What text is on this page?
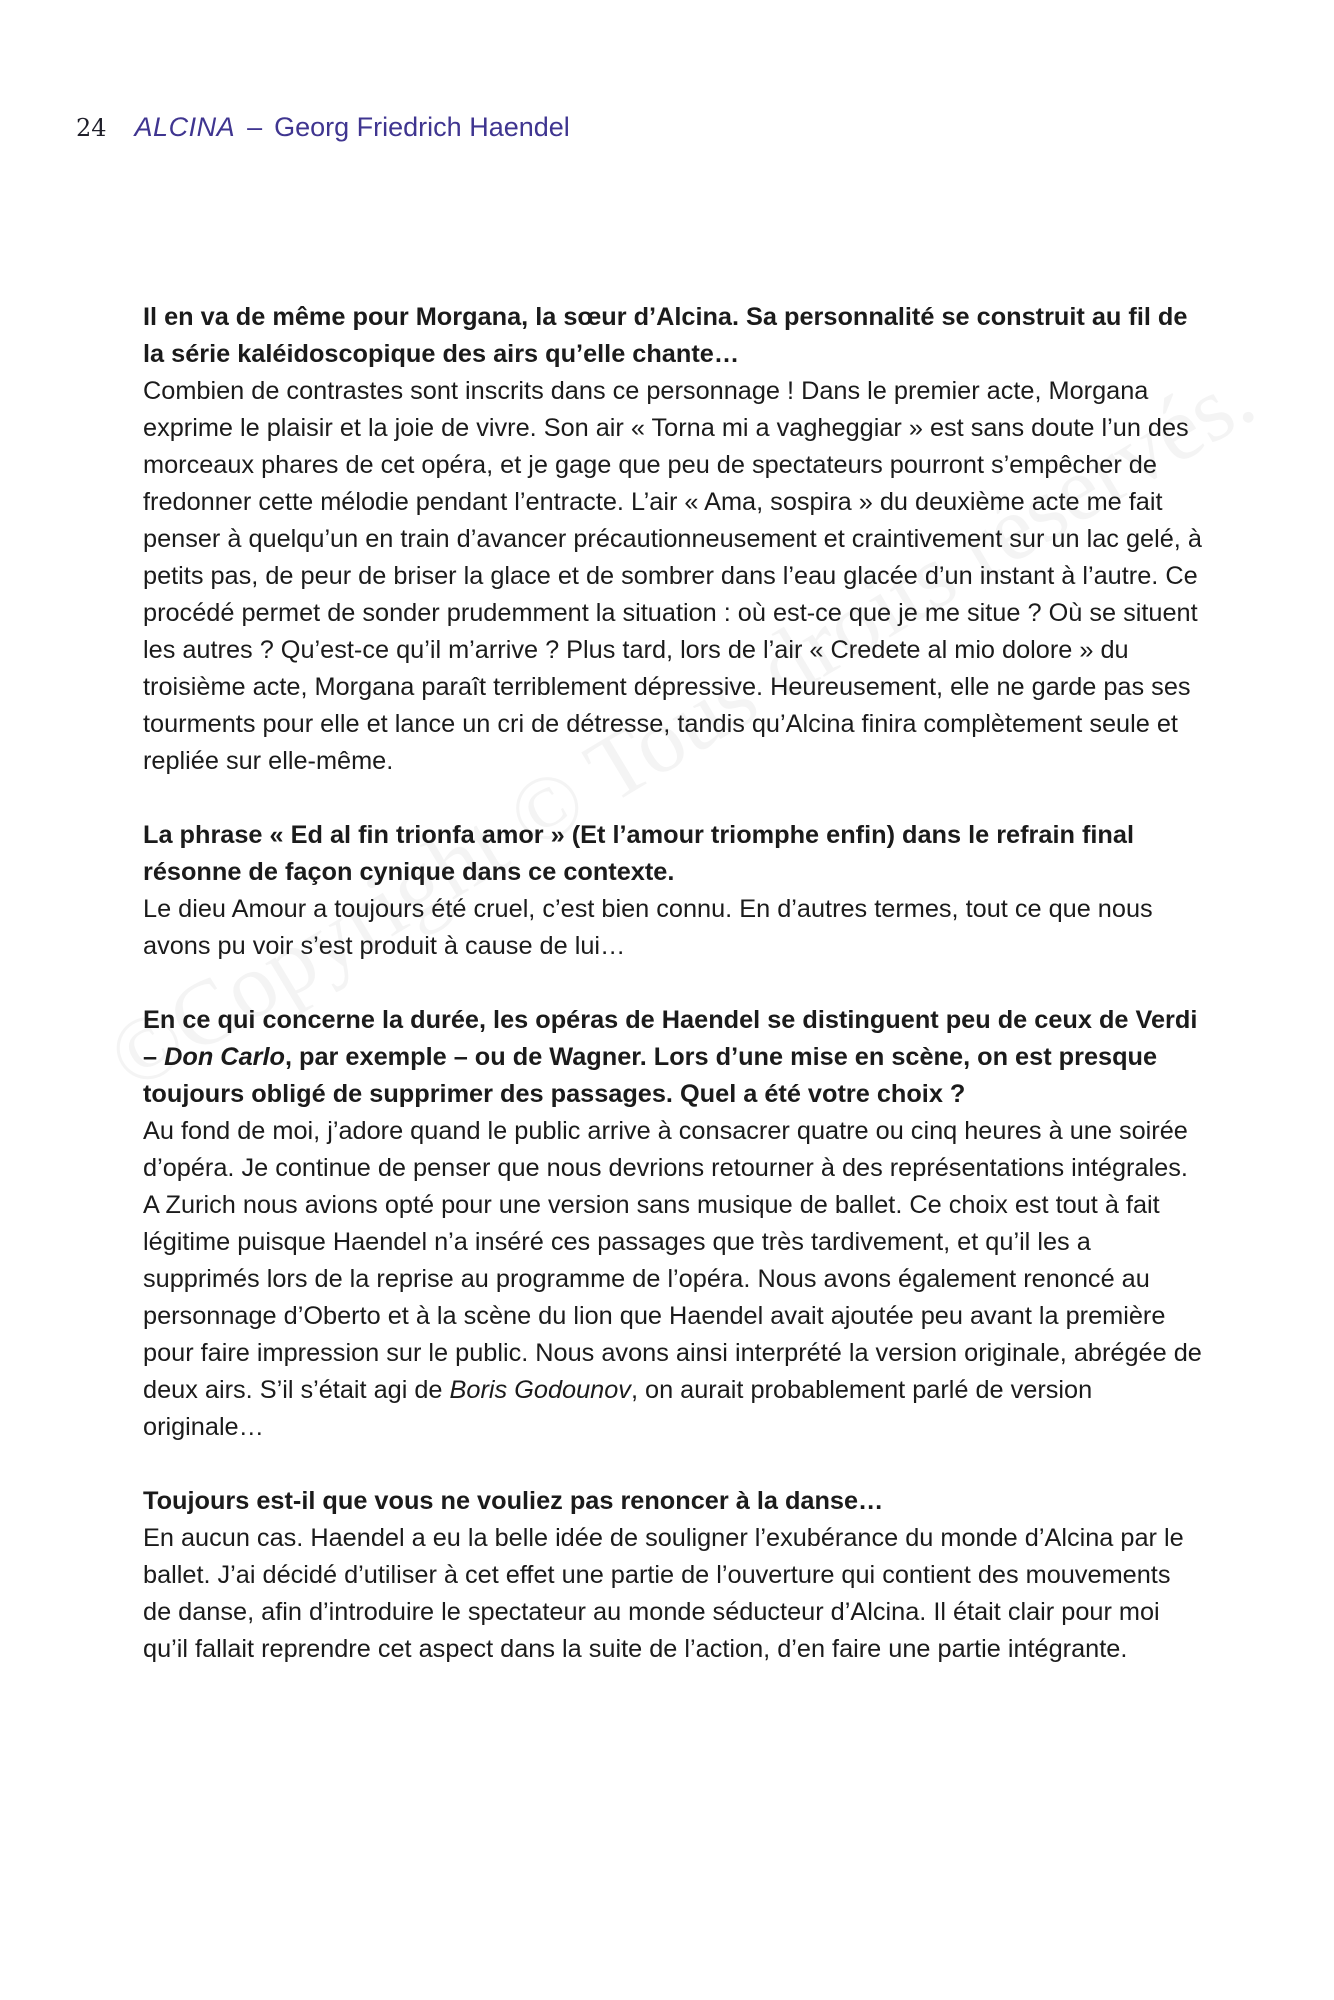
24 ALCINA – Georg Friedrich Haendel

Il en va de même pour Morgana, la sœur d’Alcina. Sa personnalité se construit au fil de la série kaléidoscopique des airs qu’elle chante…

Combien de contrastes sont inscrits dans ce personnage ! Dans le premier acte, Morgana exprime le plaisir et la joie de vivre. Son air « Torna mi a vagheggiar » est sans doute l’un des morceaux phares de cet opéra, et je gage que peu de spectateurs pourront s’empêcher de fredonner cette mélodie pendant l’entracte. L’air « Ama, sospira » du deuxième acte me fait penser à quelqu’un en train d’avancer précautionneusement et craintivement sur un lac gelé, à petits pas, de peur de briser la glace et de sombrer dans l’eau glacée d’un instant à l’autre. Ce procédé permet de sonder prudemment la situation : où est-ce que je me situe ? Où se situent les autres ? Qu’est-ce qu’il m’arrive ? Plus tard, lors de l’air « Credete al mio dolore » du troisième acte, Morgana paraît terriblement dépressive. Heureusement, elle ne garde pas ses tourments pour elle et lance un cri de détresse, tandis qu’Alcina finira complètement seule et repliée sur elle-même.

La phrase « Ed al fin trionfa amor » (Et l’amour triomphe enfin) dans le refrain final résonne de façon cynique dans ce contexte.

Le dieu Amour a toujours été cruel, c’est bien connu. En d’autres termes, tout ce que nous avons pu voir s’est produit à cause de lui…

En ce qui concerne la durée, les opéras de Haendel se distinguent peu de ceux de Verdi – Don Carlo, par exemple – ou de Wagner. Lors d’une mise en scène, on est presque toujours obligé de supprimer des passages. Quel a été votre choix ?

Au fond de moi, j’adore quand le public arrive à consacrer quatre ou cinq heures à une soirée d’opéra. Je continue de penser que nous devrions retourner à des représentations intégrales. A Zurich nous avions opté pour une version sans musique de ballet. Ce choix est tout à fait légitime puisque Haendel n’a inséré ces passages que très tardivement, et qu’il les a supprimés lors de la reprise au programme de l’opéra. Nous avons également renoncé au personnage d’Oberto et à la scène du lion que Haendel avait ajoutée peu avant la première pour faire impression sur le public. Nous avons ainsi interprété la version originale, abrégée de deux airs. S’il s’était agi de Boris Godounov, on aurait probablement parlé de version originale…

Toujours est-il que vous ne vouliez pas renoncer à la danse…

En aucun cas. Haendel a eu la belle idée de souligner l’exubérance du monde d’Alcina par le ballet. J’ai décidé d’utiliser à cet effet une partie de l’ouverture qui contient des mouvements de danse, afin d’introduire le spectateur au monde séducteur d’Alcina. Il était clair pour moi qu’il fallait reprendre cet aspect dans la suite de l’action, d’en faire une partie intégrante.
